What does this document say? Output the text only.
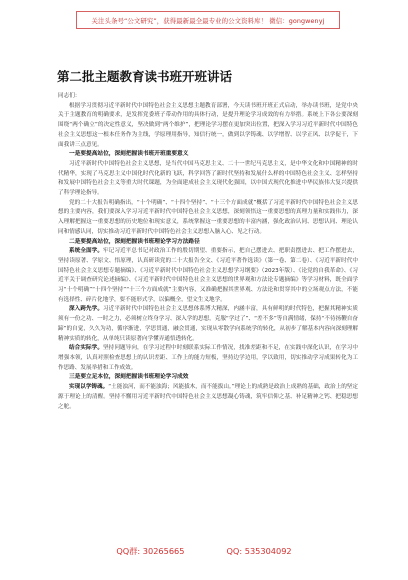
关注头条号“公文研究”，获得最新最全最专业的公文资料库！ 微信：gongwenyj
第二批主题教育读书班开班讲话

同志们：

根据学习贯彻习近平新时代中国特色社会主义思想主题教育部署，今天读书班开班正式启动，举办读书班，是党中央关于主题教育的明确要求，是发挥党委班子带动作用的具体行动，是提升理论学习成效的有力举措。系统上下各公要深刻围绕“两个确立”的决定性意义，坚决做到“两个维护”，把理论学习摆在更加突出位置，把深入学习习近平新时代中国特色社会主义思想这一根本任务作为主线，学原理用指导，知信行统一，做到以学铸魂、以学增智、以学正风、以学促干，下面我讲三点意见。

一是要提高站位，深刻把握读书班开班重要意义

习近平新时代中国特色社会主义思想，是当代中国马克思主义、二十一世纪马克思主义，是中华文化和中国精神的时代精华，实现了马克思主义中国化时代化新的飞跃，科学回答了新时代坚持和发展什么样的中国特色社会主义、怎样坚持和发展中国特色社会主义等重大时代课题，为全面建成社会主义现代化强国，以中国式现代化推进中华民族伟大复兴提供了科学理论指导。

党的二十大报告明确指出，“十个明确”、“十四个坚持”、“十三个方面成就”概括了习近平新时代中国特色社会主义思想的主要内容，我们要深入学习习近平新时代中国特色社会主义思想，深刻领悟这一重要思想的真理力量和实践伟力，深入理解把握这一重要思想的历史地位和现实意义，系统掌握这一重要思想的丰富内涵，强化政治认同、思想认同、理论认同和情感认同，切实推动习近平新时代中国特色社会主义思想入脑入心、见之行动。

二是要提高站位，深刻把握读书班理论学习方法路径

系统全面学。牢记习近平总书记对政治工作的殷切期望、重要指示，把自己摆进去、把职责摆进去、把工作摆进去，坚持读原著、学原文、悟原理，认真研读党的二十大报告全文、《习近平著作选读》（第一卷、第二卷）、《习近平新时代中国特色社会主义思想专题摘编》、《习近平新时代中国特色社会主义思想学习纲要》（2023年版）、《论党的自我革命》、《习近平关于调查研究论述摘编》、《习近平新时代中国特色社会主义思想的世界观和方法论专题摘编》等学习材料，既全面学习“十个明确”“十四个坚持”“十三个方面成就”主要内容，又准确把握其世界观、方法论和贯穿其中的立场观点方法，不能有选择性、碎片化地学，要不能形式学，以偏概全，望文生义地学。

深入跨先学。习近平新时代中国特色社会主义思想体系博大精深，内涵丰富，具有鲜明的时代特色，把握其精神实质须有一份之功、一时之力，必须树立终身学习、深入学的思想，克服“学过了”、“差不多”等自满情绪，保持“不待扬鞭自奋蹄”的自觉，久久为功，循序渐进，学思贯通，融会贯通，实现从零散学向系统学的转化，从初步了解基本内容向深刻理解精神实质的转化，从单纯只读原著向学懂弄通悟透转化。

结合实际学。坚持问题导向，在学习过程中时刻联系实际工作情况，找准差距和不足，在实践中深化认识，在学习中增强本领，认真对照检查思想上的认识差距、工作上的能力短板，坚持边学边用，学以致用，切实推动学习成果转化为工作思路、发展举措和工作成效。

三是要立足本位，深刻把握读书班理论学习成效

实现以学铸魂。“土能浊河，而不能浊海；风能拔木，而不能拔山。”理论上的成熟是政治上成熟的基础，政治上的坚定源于理论上的清醒。坚持不懈用习近平新时代中国特色社会主义思想凝心铸魂，筑牢信仰之基、补足精神之钙、把稳思想之舵。

QQ群: 30265665	QQ: 535304092
